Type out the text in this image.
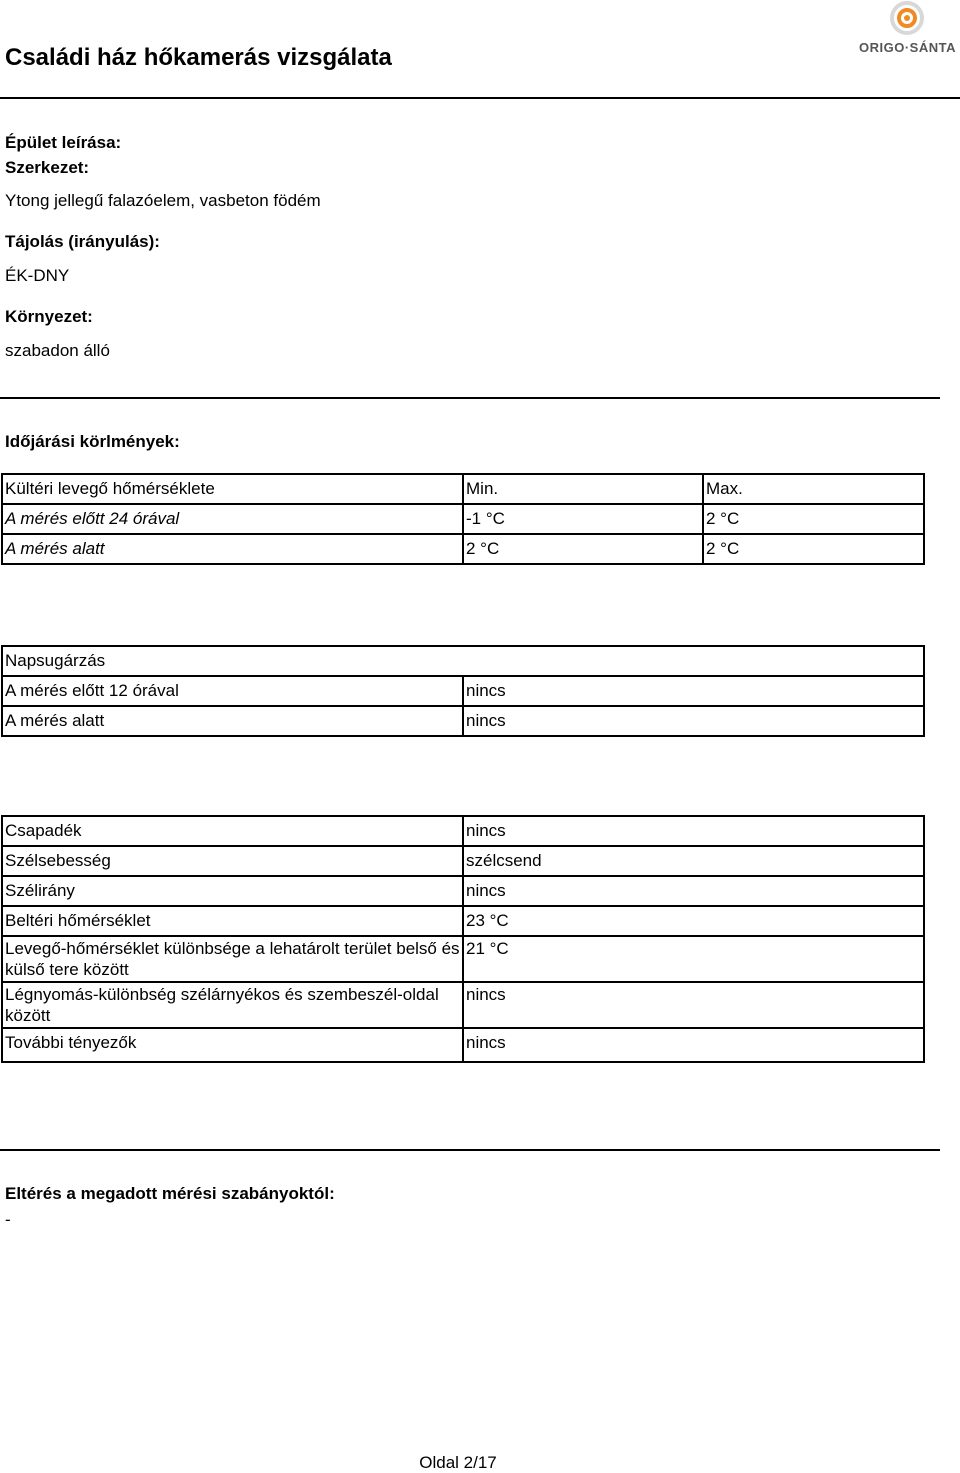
Családi ház hőkamerás vizsgálata	ORIGO·SÁNTA
Épület leírása:
Szerkezet:
Ytong jellegű falazóelem, vasbeton födém
Tájolás (irányulás):
ÉK-DNY
Környezet:
szabadon álló
Időjárási körlmények:
Kültéri levegő hőmérséklete	Min.	Max.
A mérés előtt 24 órával	-1 °C	2 °C
A mérés alatt	2 °C	2 °C
Napsugárzás	
A mérés előtt 12 órával	nincs
A mérés alatt	nincs
Csapadék	nincs
Szélsebesség	szélcsend
Szélirány	nincs
Beltéri hőmérséklet	23 °C
Levegő-hőmérséklet különbsége a lehatárolt terület belső és külső tere között	21 °C
Légnyomás-különbség szélárnyékos és szembeszél-oldal között	nincs
További tényezők	nincs
Eltérés a megadott mérési szabányoktól:
-
Oldal 2/17
